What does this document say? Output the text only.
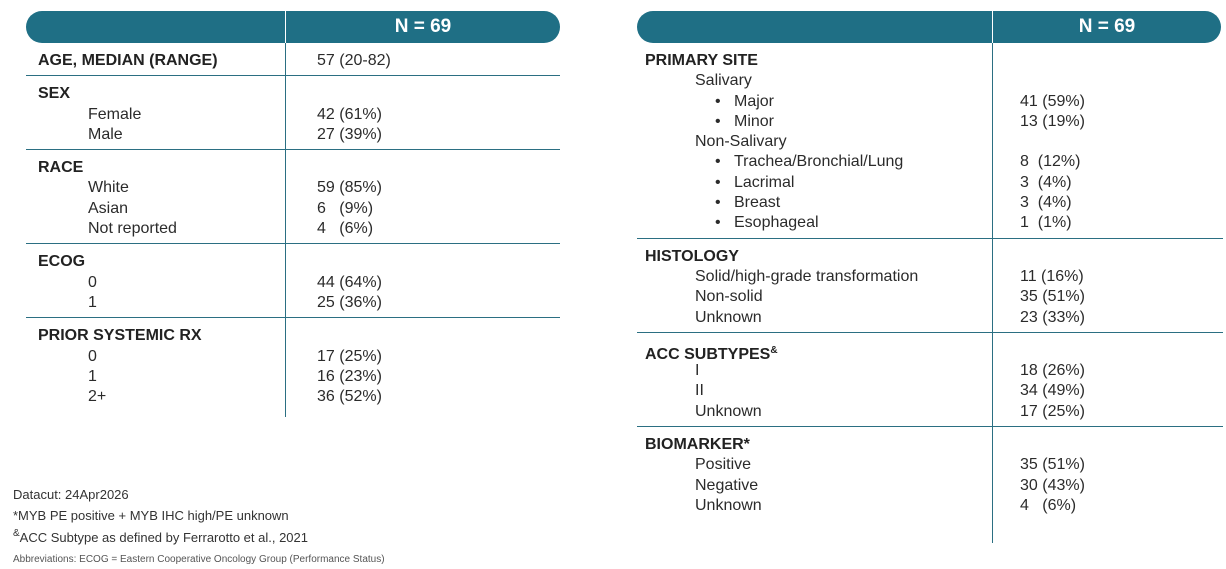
N = 69
AGE, MEDIAN (RANGE)	57 (20-82)
SEX
Female	42 (61%)
Male	27 (39%)
RACE
White	59 (85%)
Asian	6   (9%)
Not reported	4   (6%)
ECOG
0	44 (64%)
1	25 (36%)
PRIOR SYSTEMIC RX
0	17 (25%)
1	16 (23%)
2+	36 (52%)
N = 69
PRIMARY SITE
Salivary
• Major	41 (59%)
• Minor	13 (19%)
Non-Salivary
• Trachea/Bronchial/Lung	8  (12%)
• Lacrimal	3  (4%)
• Breast	3  (4%)
• Esophageal	1  (1%)
HISTOLOGY
Solid/high-grade transformation	11 (16%)
Non-solid	35 (51%)
Unknown	23 (33%)
ACC SUBTYPES&
I	18 (26%)
II	34 (49%)
Unknown	17 (25%)
BIOMARKER*
Positive	35 (51%)
Negative	30 (43%)
Unknown	4   (6%)
Datacut: 24Apr2026
*MYB PE positive + MYB IHC high/PE unknown
&ACC Subtype as defined by Ferrarotto et al., 2021
Abbreviations: ECOG = Eastern Cooperative Oncology Group (Performance Status)
